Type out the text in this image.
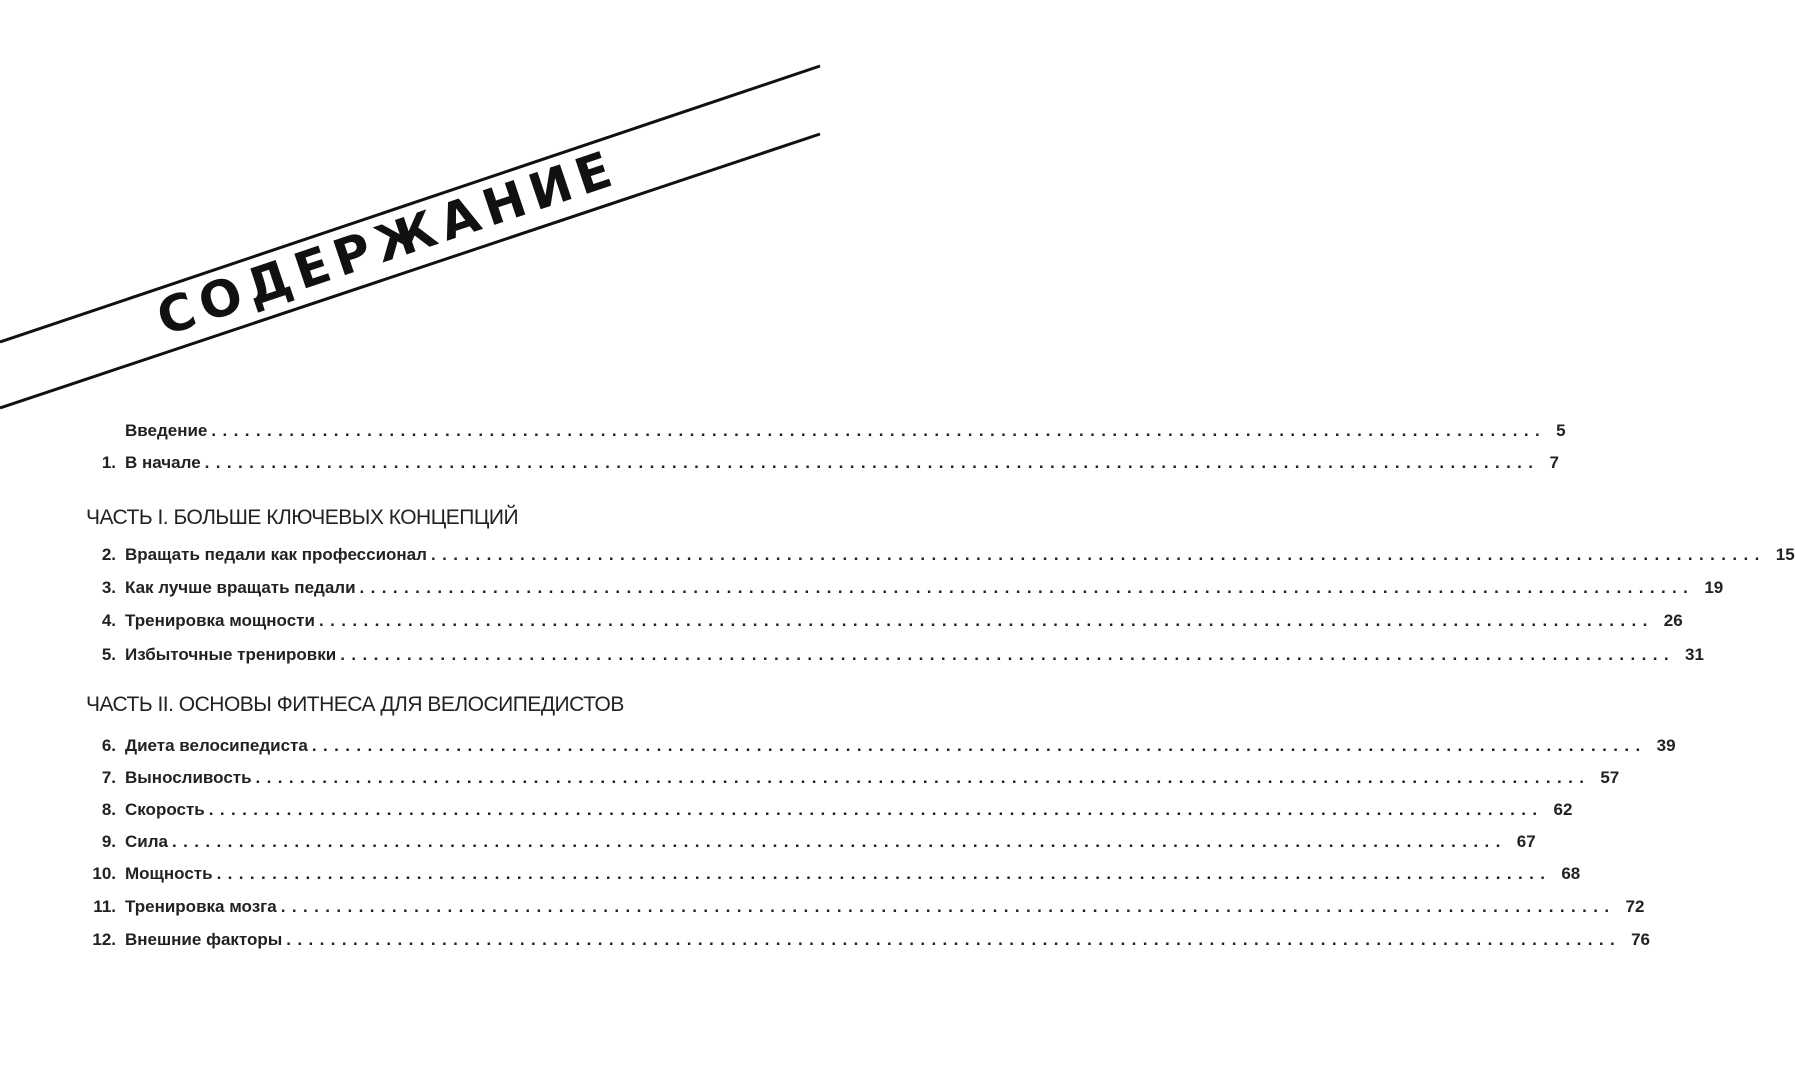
СОДЕРЖАНИЕ
Введение ........................................................................................................................ 5
1. В начале ........................................................................................................................ 7
ЧАСТЬ I. БОЛЬШЕ КЛЮЧЕВЫХ КОНЦЕПЦИЙ
2. Вращать педали как профессионал ........................................................................................................................ 15
3. Как лучше вращать педали ........................................................................................................................ 19
4. Тренировка мощности ........................................................................................................................ 26
5. Избыточные тренировки ........................................................................................................................ 31
ЧАСТЬ II. ОСНОВЫ ФИТНЕСА ДЛЯ ВЕЛОСИПЕДИСТОВ
6. Диета велосипедиста ........................................................................................................................ 39
7. Выносливость ........................................................................................................................ 57
8. Скорость ........................................................................................................................ 62
9. Сила ........................................................................................................................ 67
10. Мощность ........................................................................................................................ 68
11. Тренировка мозга ........................................................................................................................ 72
12. Внешние факторы ........................................................................................................................ 76
